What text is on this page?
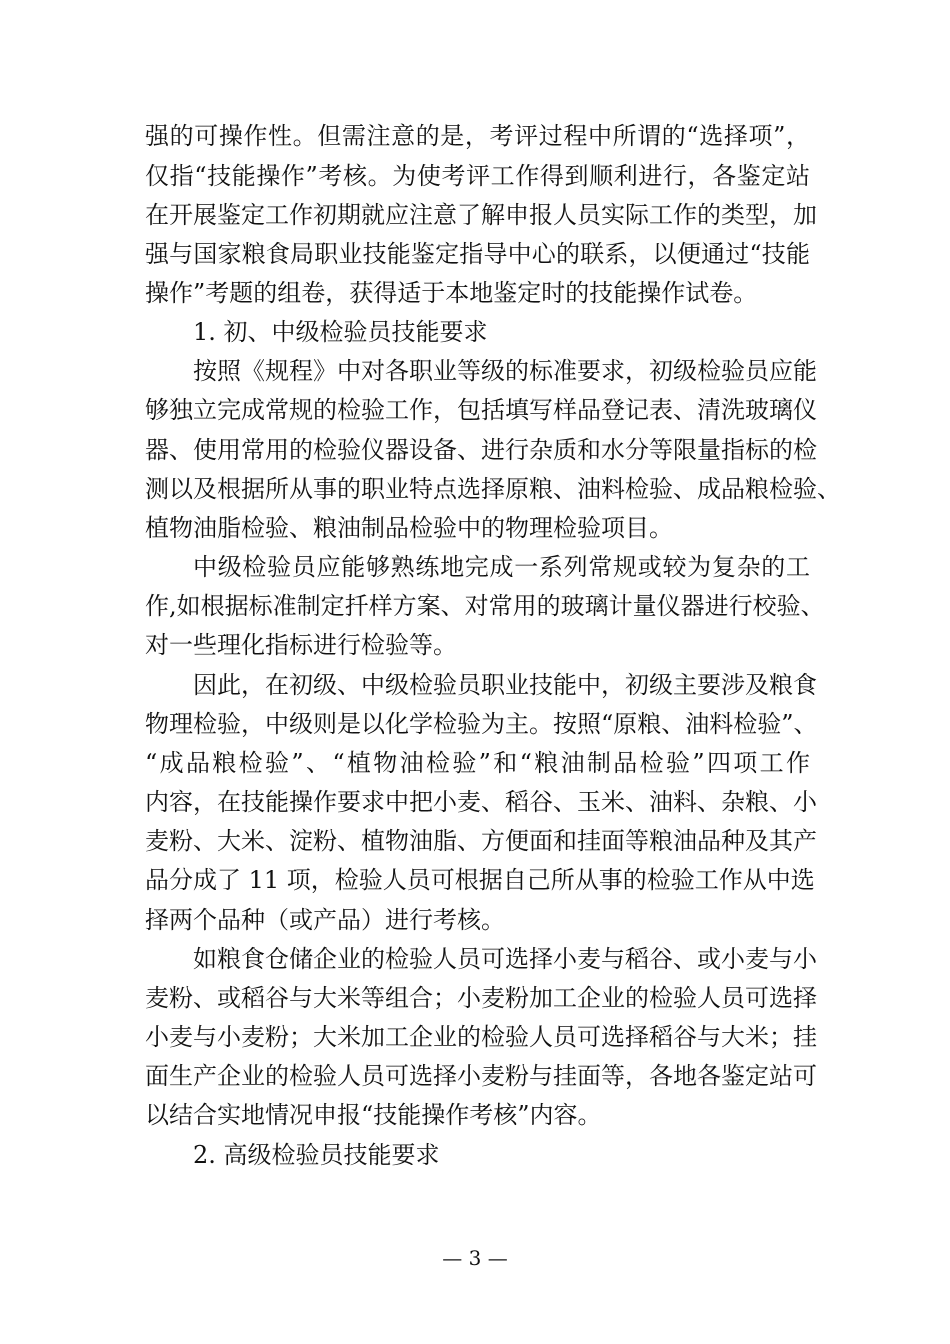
强的可操作性。但需注意的是，考评过程中所谓的“选择项”，
仅指“技能操作”考核。为使考评工作得到顺利进行，各鉴定站
在开展鉴定工作初期就应注意了解申报人员实际工作的类型，加
强与国家粮食局职业技能鉴定指导中心的联系，以便通过“技能
操作”考题的组卷，获得适于本地鉴定时的技能操作试卷。
1. 初、中级检验员技能要求
按照《规程》中对各职业等级的标准要求，初级检验员应能
够独立完成常规的检验工作，包括填写样品登记表、清洗玻璃仪
器、使用常用的检验仪器设备、进行杂质和水分等限量指标的检
测以及根据所从事的职业特点选择原粮、油料检验、成品粮检验、
植物油脂检验、粮油制品检验中的物理检验项目。
中级检验员应能够熟练地完成一系列常规或较为复杂的工
作,如根据标准制定扦样方案、对常用的玻璃计量仪器进行校验、
对一些理化指标进行检验等。
因此，在初级、中级检验员职业技能中，初级主要涉及粮食
物理检验，中级则是以化学检验为主。按照“原粮、油料检验”、
“成品粮检验”、“植物油检验”和“粮油制品检验”四项工作
内容，在技能操作要求中把小麦、稻谷、玉米、油料、杂粮、小
麦粉、大米、淀粉、植物油脂、方便面和挂面等粮油品种及其产
品分成了 11 项，检验人员可根据自己所从事的检验工作从中选
择两个品种（或产品）进行考核。
如粮食仓储企业的检验人员可选择小麦与稻谷、或小麦与小
麦粉、或稻谷与大米等组合；小麦粉加工企业的检验人员可选择
小麦与小麦粉；大米加工企业的检验人员可选择稻谷与大米；挂
面生产企业的检验人员可选择小麦粉与挂面等，各地各鉴定站可
以结合实地情况申报“技能操作考核”内容。
2. 高级检验员技能要求
— 3 —
